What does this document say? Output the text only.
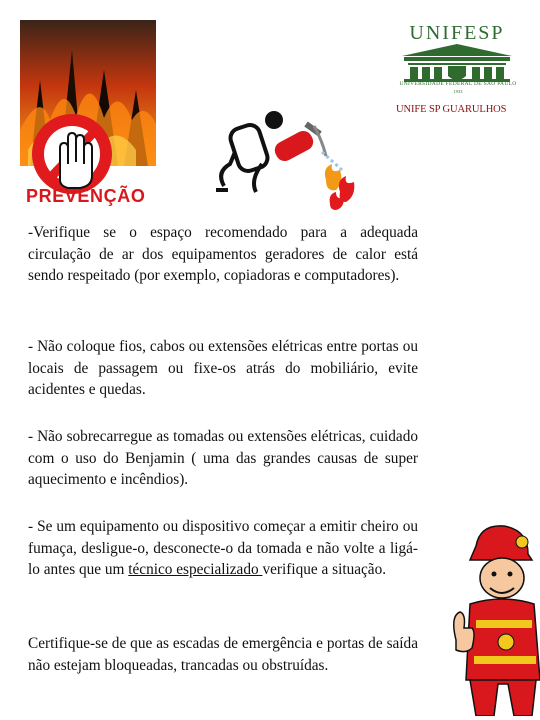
PREVENÇÃO
UNIFESP
UNIVERSIDADE FEDERAL DE SÃO PAULO
1933
UNIFE SP GUARULHOS
-Verifique se o espaço recomendado para a adequada circulação de ar dos equipamentos geradores de calor está sendo respeitado (por exemplo, copiadoras e computadores).
- Não coloque fios, cabos ou extensões elétricas entre portas ou locais de passagem ou fixe-os atrás do mobiliário, evite acidentes e quedas.
- Não sobrecarregue as tomadas ou extensões elétricas, cuidado com o uso do Benjamin ( uma das grandes causas de super aquecimento e incêndios).
- Se um equipamento ou dispositivo começar a emitir cheiro ou fumaça, desligue-o, desconecte-o da tomada e não volte a ligá-lo antes que um técnico especializado verifique a situação.
Certifique-se de que as escadas de emergência e portas de saída não estejam bloqueadas, trancadas ou obstruídas.
